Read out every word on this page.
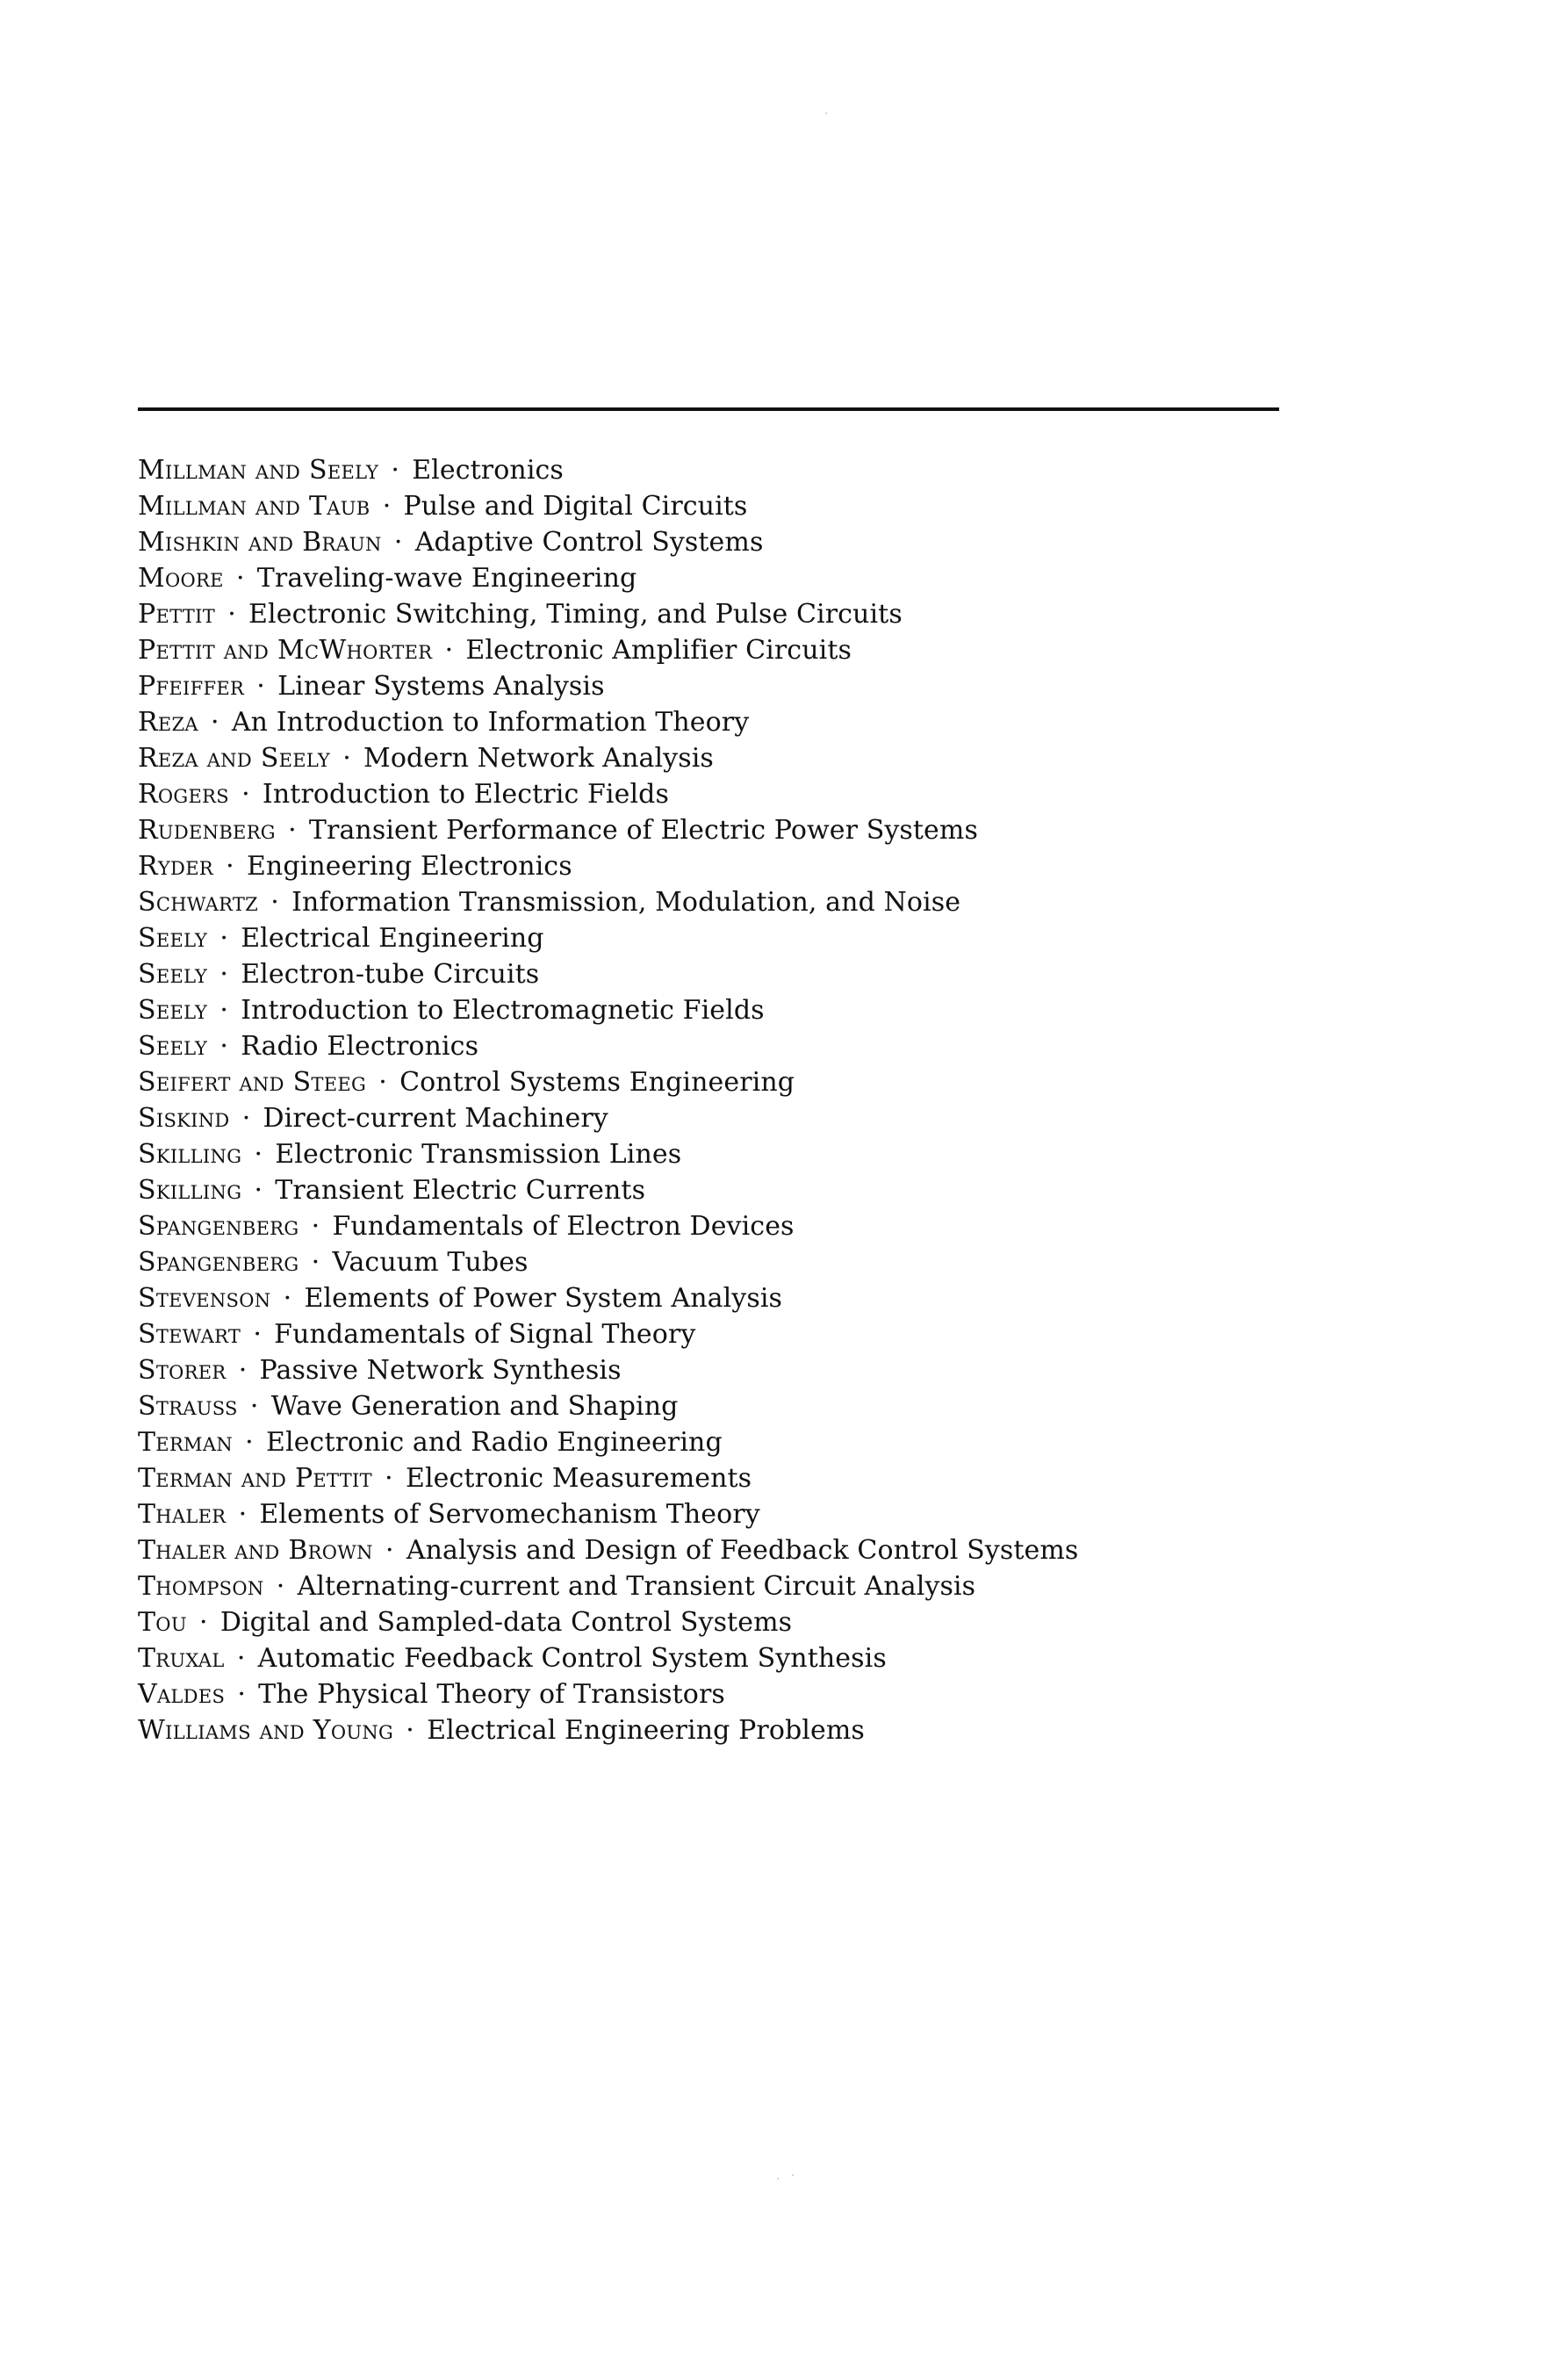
Millman and Seely · Electronics
Millman and Taub · Pulse and Digital Circuits
Mishkin and Braun · Adaptive Control Systems
Moore · Traveling-wave Engineering
Pettit · Electronic Switching, Timing, and Pulse Circuits
Pettit and McWhorter · Electronic Amplifier Circuits
Pfeiffer · Linear Systems Analysis
Reza · An Introduction to Information Theory
Reza and Seely · Modern Network Analysis
Rogers · Introduction to Electric Fields
Rudenberg · Transient Performance of Electric Power Systems
Ryder · Engineering Electronics
Schwartz · Information Transmission, Modulation, and Noise
Seely · Electrical Engineering
Seely · Electron-tube Circuits
Seely · Introduction to Electromagnetic Fields
Seely · Radio Electronics
Seifert and Steeg · Control Systems Engineering
Siskind · Direct-current Machinery
Skilling · Electronic Transmission Lines
Skilling · Transient Electric Currents
Spangenberg · Fundamentals of Electron Devices
Spangenberg · Vacuum Tubes
Stevenson · Elements of Power System Analysis
Stewart · Fundamentals of Signal Theory
Storer · Passive Network Synthesis
Strauss · Wave Generation and Shaping
Terman · Electronic and Radio Engineering
Terman and Pettit · Electronic Measurements
Thaler · Elements of Servomechanism Theory
Thaler and Brown · Analysis and Design of Feedback Control Systems
Thompson · Alternating-current and Transient Circuit Analysis
Tou · Digital and Sampled-data Control Systems
Truxal · Automatic Feedback Control System Synthesis
Valdes · The Physical Theory of Transistors
Williams and Young · Electrical Engineering Problems
